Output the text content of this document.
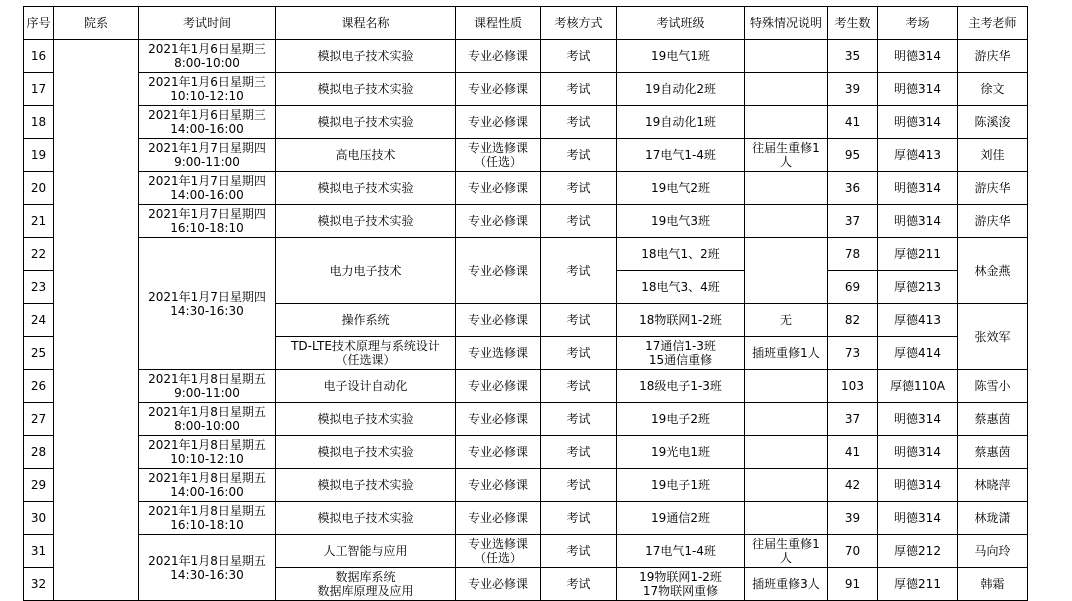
序号	院系	考试时间	课程名称	课程性质	考核方式	考试班级	特殊情况说明	考生数	考场	主考老师
16		2021年1月6日星期三
8:00-10:00	模拟电子技术实验	专业必修课	考试	19电气1班		35	明德314	游庆华
17		2021年1月6日星期三
10:10-12:10	模拟电子技术实验	专业必修课	考试	19自动化2班		39	明德314	徐文
18		2021年1月6日星期三
14:00-16:00	模拟电子技术实验	专业必修课	考试	19自动化1班		41	明德314	陈溪浚
19		2021年1月7日星期四
9:00-11:00	高电压技术	专业选修课
（任选）	考试	17电气1-4班	往届生重修1
人	95	厚德413	刘佳
20		2021年1月7日星期四
14:00-16:00	模拟电子技术实验	专业必修课	考试	19电气2班		36	明德314	游庆华
21		2021年1月7日星期四
16:10-18:10	模拟电子技术实验	专业必修课	考试	19电气3班		37	明德314	游庆华
22		2021年1月7日星期四
14:30-16:30	电力电子技术	专业必修课	考试	18电气1、2班		78	厚德211	林金燕
23						18电气3、4班		69	厚德213	
24			操作系统	专业必修课	考试	18物联网1-2班	无	82	厚德413	张效军
25			TD-LTE技术原理与系统设计
（任选课）	专业选修课	考试	17通信1-3班
15通信重修	插班重修1人	73	厚德414	
26		2021年1月8日星期五
9:00-11:00	电子设计自动化	专业必修课	考试	18级电子1-3班		103	厚德110A	陈雪小
27		2021年1月8日星期五
8:00-10:00	模拟电子技术实验	专业必修课	考试	19电子2班		37	明德314	蔡惠茵
28		2021年1月8日星期五
10:10-12:10	模拟电子技术实验	专业必修课	考试	19光电1班		41	明德314	蔡惠茵
29		2021年1月8日星期五
14:00-16:00	模拟电子技术实验	专业必修课	考试	19电子1班		42	明德314	林晓萍
30		2021年1月8日星期五
16:10-18:10	模拟电子技术实验	专业必修课	考试	19通信2班		39	明德314	林珑潇
31		2021年1月8日星期五
14:30-16:30	人工智能与应用	专业选修课
（任选）	考试	17电气1-4班	往届生重修1
人	70	厚德212	马向玲
32			数据库系统
数据库原理及应用	专业必修课	考试	19物联网1-2班
17物联网重修	插班重修3人	91	厚德211	韩霜
